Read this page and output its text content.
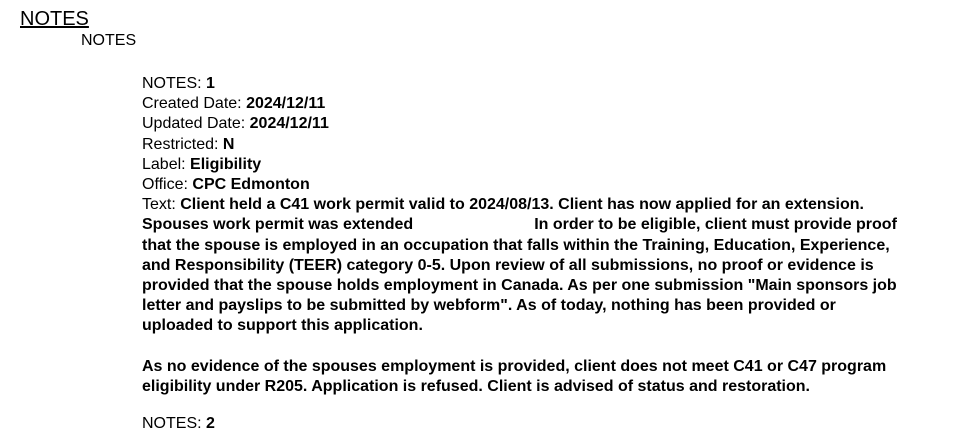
NOTES
NOTES
NOTES: 1
Created Date: 2024/12/11
Updated Date: 2024/12/11
Restricted: N
Label: Eligibility
Office: CPC Edmonton
Text: Client held a C41 work permit valid to 2024/08/13. Client has now applied for an extension.
Spouses work permit was extended	In order to be eligible, client must provide proof
that the spouse is employed in an occupation that falls within the Training, Education, Experience,
and Responsibility (TEER) category 0-5. Upon review of all submissions, no proof or evidence is
provided that the spouse holds employment in Canada. As per one submission "Main sponsors job
letter and payslips to be submitted by webform". As of today, nothing has been provided or
uploaded to support this application.
As no evidence of the spouses employment is provided, client does not meet C41 or C47 program
eligibility under R205. Application is refused. Client is advised of status and restoration.
NOTES: 2
